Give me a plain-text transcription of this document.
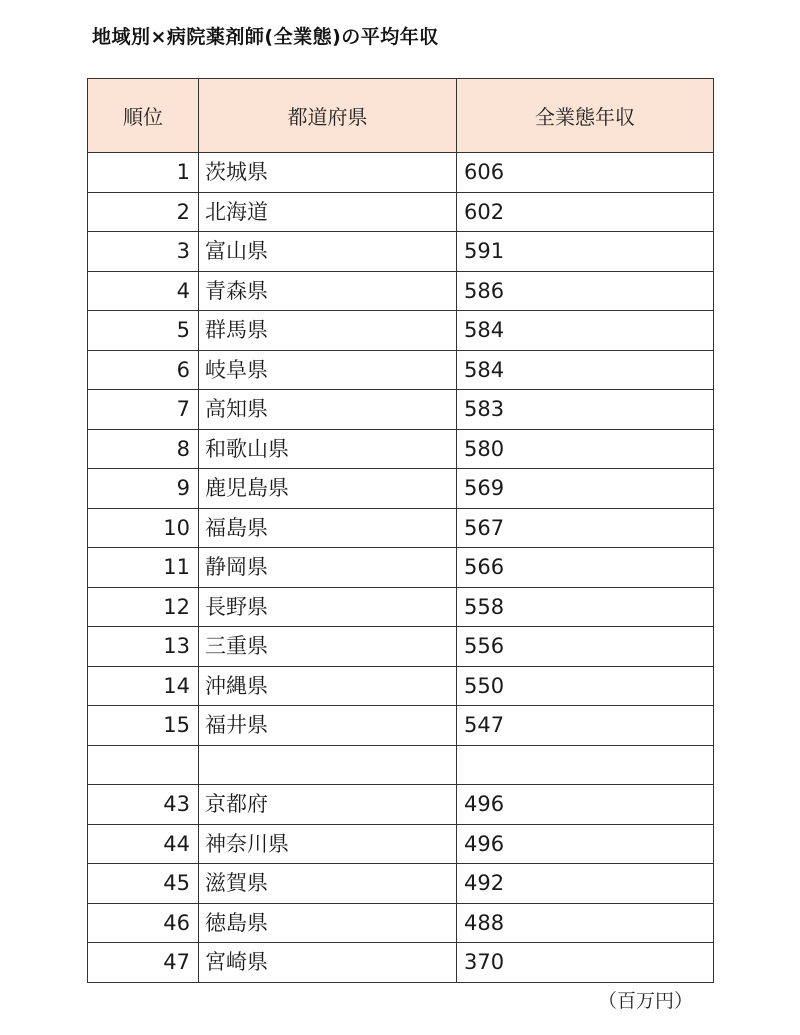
地域別×病院薬剤師(全業態)の平均年収
順位	都道府県	全業態年収
1	茨城県	606
2	北海道	602
3	富山県	591
4	青森県	586
5	群馬県	584
6	岐阜県	584
7	高知県	583
8	和歌山県	580
9	鹿児島県	569
10	福島県	567
11	静岡県	566
12	長野県	558
13	三重県	556
14	沖縄県	550
15	福井県	547

43	京都府	496
44	神奈川県	496
45	滋賀県	492
46	徳島県	488
47	宮崎県	370
（百万円）
